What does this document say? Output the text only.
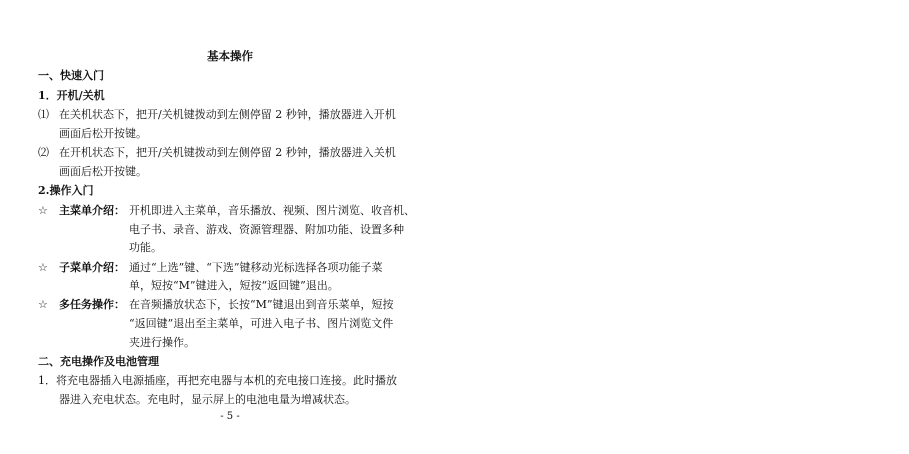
基本操作
一、快速入门
1．开机/关机
⑴ 在关机状态下，把开/关机键拨动到左侧停留 2 秒钟，播放器进入开机
画面后松开按键。
⑵ 在开机状态下，把开/关机键拨动到左侧停留 2 秒钟，播放器进入关机
画面后松开按键。
2.操作入门
☆ 主菜单介绍： 开机即进入主菜单，音乐播放、视频、图片浏览、收音机、
电子书、录音、游戏、资源管理器、附加功能、设置多种
功能。
☆ 子菜单介绍： 通过“上选”键、“下选”键移动光标选择各项功能子菜
单，短按“M”键进入，短按“返回键”退出。
☆ 多任务操作： 在音频播放状态下，长按“M”键退出到音乐菜单，短按
“返回键”退出至主菜单，可进入电子书、图片浏览文件
夹进行操作。
二、充电操作及电池管理
1．将充电器插入电源插座，再把充电器与本机的充电接口连接。此时播放
器进入充电状态。充电时，显示屏上的电池电量为增减状态。
- 5 -
